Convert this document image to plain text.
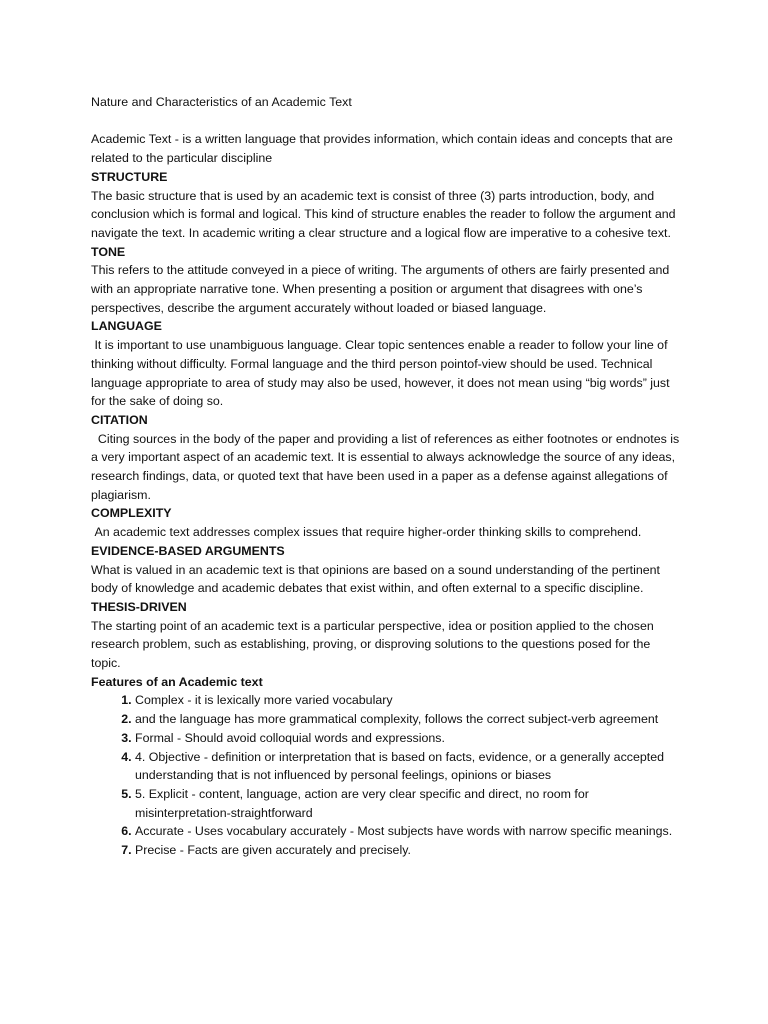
Nature and Characteristics of an Academic Text

Academic Text - is a written language that provides information, which contain ideas and concepts that are related to the particular discipline

STRUCTURE

The basic structure that is used by an academic text is consist of three (3) parts introduction, body, and conclusion which is formal and logical. This kind of structure enables the reader to follow the argument and navigate the text. In academic writing a clear structure and a logical flow are imperative to a cohesive text.

TONE

This refers to the attitude conveyed in a piece of writing. The arguments of others are fairly presented and with an appropriate narrative tone. When presenting a position or argument that disagrees with one’s perspectives, describe the argument accurately without loaded or biased language.

LANGUAGE

It is important to use unambiguous language. Clear topic sentences enable a reader to follow your line of thinking without difficulty. Formal language and the third person pointof-view should be used. Technical language appropriate to area of study may also be used, however, it does not mean using “big words” just for the sake of doing so.

CITATION

Citing sources in the body of the paper and providing a list of references as either footnotes or endnotes is a very important aspect of an academic text. It is essential to always acknowledge the source of any ideas, research findings, data, or quoted text that have been used in a paper as a defense against allegations of plagiarism.

COMPLEXITY

An academic text addresses complex issues that require higher-order thinking skills to comprehend.

EVIDENCE-BASED ARGUMENTS

What is valued in an academic text is that opinions are based on a sound understanding of the pertinent body of knowledge and academic debates that exist within, and often external to a specific discipline.

THESIS-DRIVEN

The starting point of an academic text is a particular perspective, idea or position applied to the chosen research problem, such as establishing, proving, or disproving solutions to the questions posed for the topic.

Features of an Academic text

1. Complex - it is lexically more varied vocabulary
2. and the language has more grammatical complexity, follows the correct subject-verb agreement
3. Formal - Should avoid colloquial words and expressions.
4. 4. Objective - definition or interpretation that is based on facts, evidence, or a generally accepted understanding that is not influenced by personal feelings, opinions or biases
5. 5. Explicit - content, language, action are very clear specific and direct, no room for misinterpretation-straightforward
6. Accurate - Uses vocabulary accurately - Most subjects have words with narrow specific meanings.
7. Precise - Facts are given accurately and precisely.
